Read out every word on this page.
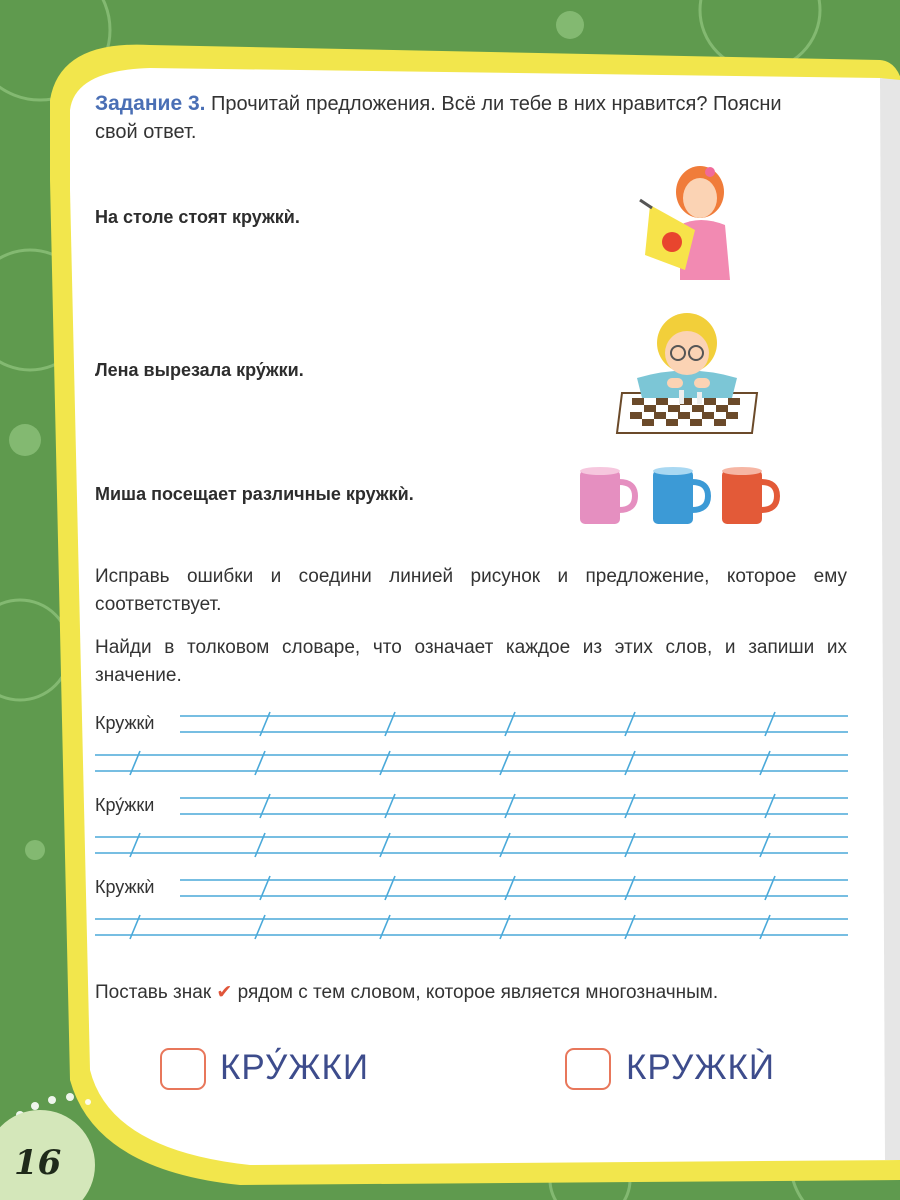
Задание 3. Прочитай предложения. Всё ли тебе в них нравится? Поясни свой ответ.
На столе стоят кружкѝ.
Лена вырезала кру́жки.
Миша посещает различные кружкѝ.
Исправь ошибки и соедини линией рисунок и предложение, которое ему соответствует.
Найди в толковом словаре, что означает каждое из этих слов, и запиши их значение.
Кружкѝ
Кру́жки
Кружкѝ
Поставь знак ✔ рядом с тем словом, которое является многозначным.
КРУ́ЖКИ	КРУЖКЍ
16
